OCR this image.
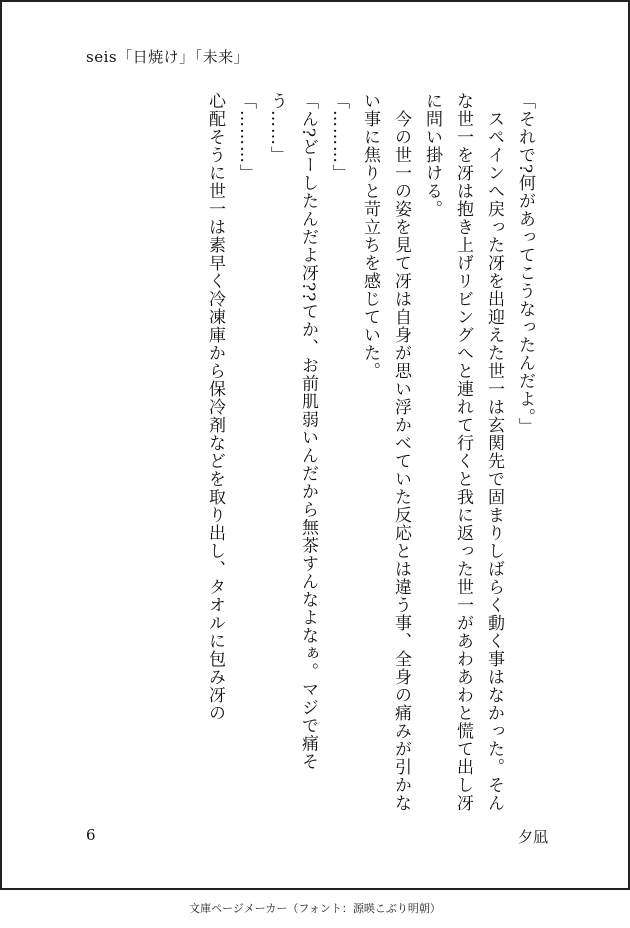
seis「日焼け」「未来」
「それで?何があってこうなったんだよ。」
　スペインへ戻った冴を出迎えた世一は玄関先で固まりしばらく動く事はなかった。そんな世一を冴は抱き上げリビングへと連れて行くと我に返った世一があわあわと慌て出し冴に問い掛ける。
　今の世一の姿を見て冴は自身が思い浮かべていた反応とは違う事、全身の痛みが引かない事に焦りと苛立ちを感じていた。
「………」
「ん?どーしたんだよ冴??てか、お前肌弱いんだから無茶すんなよなぁ。マジで痛そう……」
「………」
心配そうに世一は素早く冷凍庫から保冷剤などを取り出し、タオルに包み冴の
6	夕凪
文庫ページメーカー（フォント：源暎こぶり明朝）
